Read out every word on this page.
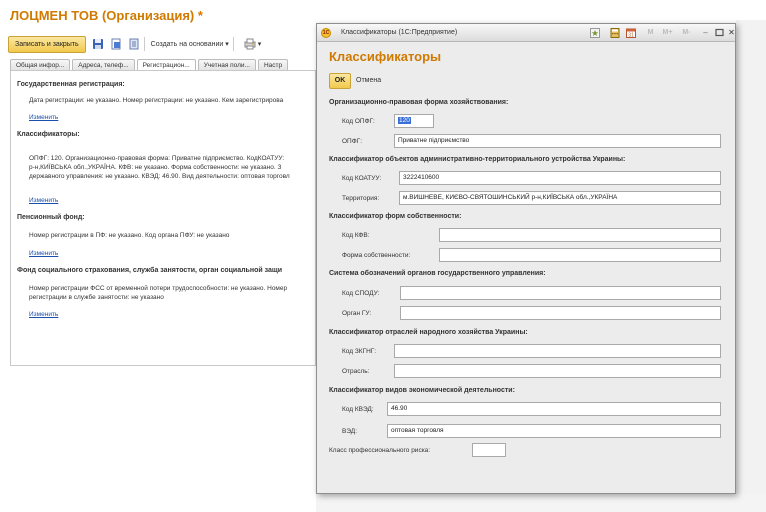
ЛОЦМЕН ТОВ (Организация) *
Записать и закрыть	Создать на основании ▾	▾
Общая инфор...	Адреса, телеф...	Регистрацион...	Учетная поли...	Настр
Государственная регистрация:
Дата регистрации: не указано. Номер регистрации: не указано. Кем зарегистрирова
Изменить
Классификаторы:
ОПФГ: 120. Организационно-правовая форма: Приватне підприємство. КодКОАТУУ:
р-н,КИЇВСЬКА обл.,УКРАЇНА. КФВ: не указано. Форма собственности: не указано. З
державного управления: не указано. КВЭД: 46.90. Вид деятельности: оптовая торговл
Изменить
Пенсионный фонд:
Номер регистрации в ПФ: не указано. Код органа ПФУ: не указано
Изменить
Фонд социального страхования, служба занятости, орган социальной защи
Номер регистрации ФСС от временной потери трудоспособности: не указано. Номер
регистрации в службе занятости: не указано
Изменить
1C Классификаторы (1С:Предприятие)	31	M	M+ M-	–	✕
Классификаторы
OK	Отмена
Организационно-правовая форма хозяйствования:
Код ОПФГ:	120
ОПФГ:	Приватне підприємство
Классификатор объектов административно-территориального устройства Украины:
Код КОАТУУ:	3222410600
Территория:	м.ВИШНЕВЕ, КИЄВО-СВЯТОШИНСЬКИЙ р-н,КИЇВСЬКА обл.,УКРАЇНА
Классификатор форм собственности:
Код КФВ:
Форма собственности:
Система обозначений органов государственного управления:
Код СПОДУ:
Орган ГУ:
Классификатор отраслей народного хозяйства Украины:
Код ЗКГНГ:
Отрасль:
Классификатор видов экономической деятельности:
Код КВЭД:	46.90
ВЭД:	оптовая торговля
Класс профессионального риска:
